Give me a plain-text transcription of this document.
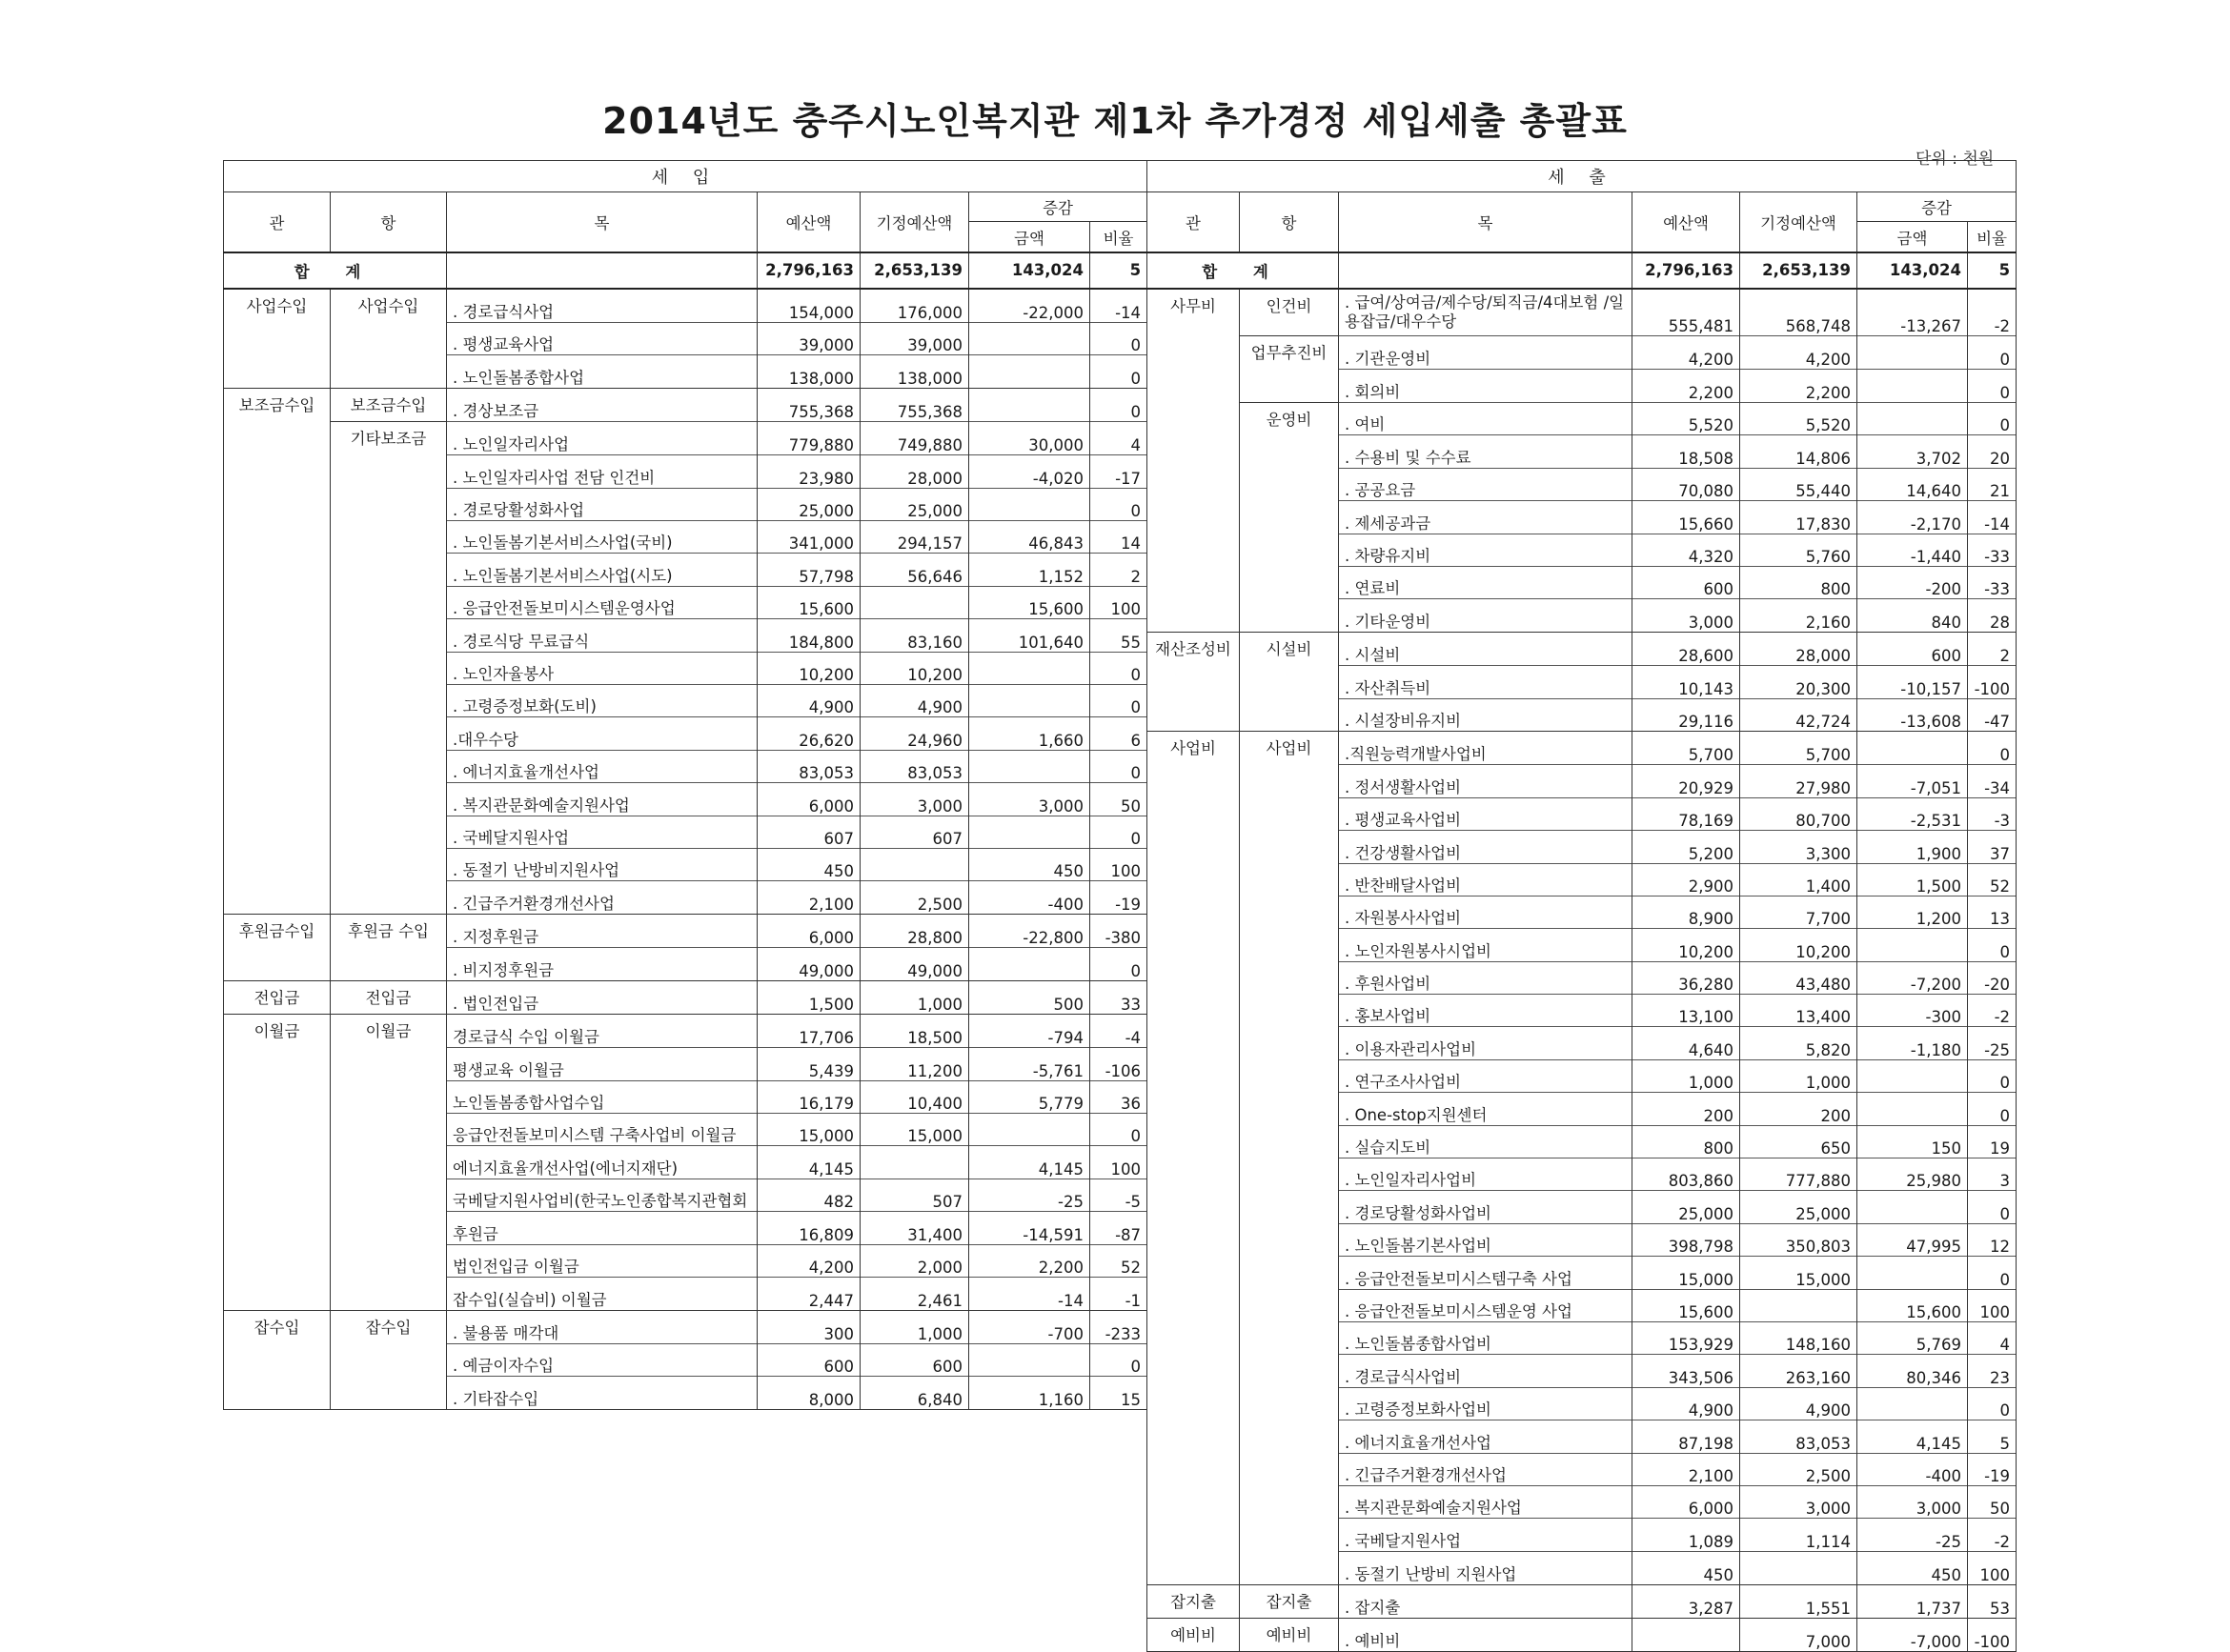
2014년도 충주시노인복지관 제1차 추가경정 세입세출 총괄표
단위 : 천원
세 입						
관	항	목	예산액	기정예산액	증감	
					금액	비율
합 계			2,796,163	2,653,139	143,024	5
사업수입	사업수입	. 경로급식사업	154,000	176,000	-22,000	-14
		. 평생교육사업	39,000	39,000		0
		. 노인돌봄종합사업	138,000	138,000		0
보조금수입	보조금수입	. 경상보조금	755,368	755,368		0
	기타보조금	. 노인일자리사업	779,880	749,880	30,000	4
		. 노인일자리사업 전담 인건비	23,980	28,000	-4,020	-17
		. 경로당활성화사업	25,000	25,000		0
		. 노인돌봄기본서비스사업(국비)	341,000	294,157	46,843	14
		. 노인돌봄기본서비스사업(시도)	57,798	56,646	1,152	2
		. 응급안전돌보미시스템운영사업	15,600		15,600	100
		. 경로식당 무료급식	184,800	83,160	101,640	55
		. 노인자율봉사	10,200	10,200		0
		. 고령증정보화(도비)	4,900	4,900		0
		.대우수당	26,620	24,960	1,660	6
		. 에너지효율개선사업	83,053	83,053		0
		. 복지관문화예술지원사업	6,000	3,000	3,000	50
		. 국베달지원사업	607	607		0
		. 동절기 난방비지원사업	450		450	100
		. 긴급주거환경개선사업	2,100	2,500	-400	-19
후원금수입	후원금 수입	. 지정후원금	6,000	28,800	-22,800	-380
		. 비지정후원금	49,000	49,000		0
전입금	전입금	. 법인전입금	1,500	1,000	500	33
이월금	이월금	경로급식 수입 이월금	17,706	18,500	-794	-4
		평생교육 이월금	5,439	11,200	-5,761	-106
		노인돌봄종합사업수입	16,179	10,400	5,779	36
		응급안전돌보미시스템 구축사업비 이월금	15,000	15,000		0
		에너지효율개선사업(에너지재단)	4,145		4,145	100
		국베달지원사업비(한국노인종합복지관협회	482	507	-25	-5
		후원금	16,809	31,400	-14,591	-87
		법인전입금 이월금	4,200	2,000	2,200	52
		잡수입(실습비) 이월금	2,447	2,461	-14	-1
잡수입	잡수입	. 불용품 매각대	300	1,000	-700	-233
		. 예금이자수입	600	600		0
		. 기타잡수입	8,000	6,840	1,160	15
세 출						
관	항	목	예산액	기정예산액	증감	
					금액	비율
합 계			2,796,163	2,653,139	143,024	5
사무비	인건비	. 급여/상여금/제수당/퇴직금/4대보험 /일용잡급/대우수당	555,481	568,748	-13,267	-2
	업무추진비	. 기관운영비	4,200	4,200		0
		. 회의비	2,200	2,200		0
	운영비	. 여비	5,520	5,520		0
		. 수용비 및 수수료	18,508	14,806	3,702	20
		. 공공요금	70,080	55,440	14,640	21
		. 제세공과금	15,660	17,830	-2,170	-14
		. 차량유지비	4,320	5,760	-1,440	-33
		. 연료비	600	800	-200	-33
		. 기타운영비	3,000	2,160	840	28
재산조성비	시설비	. 시설비	28,600	28,000	600	2
		. 자산취득비	10,143	20,300	-10,157	-100
		. 시설장비유지비	29,116	42,724	-13,608	-47
사업비	사업비	.직원능력개발사업비	5,700	5,700		0
		. 정서생활사업비	20,929	27,980	-7,051	-34
		. 평생교육사업비	78,169	80,700	-2,531	-3
		. 건강생활사업비	5,200	3,300	1,900	37
		. 반찬배달사업비	2,900	1,400	1,500	52
		. 자원봉사사업비	8,900	7,700	1,200	13
		. 노인자원봉사시업비	10,200	10,200		0
		. 후원사업비	36,280	43,480	-7,200	-20
		. 홍보사업비	13,100	13,400	-300	-2
		. 이용자관리사업비	4,640	5,820	-1,180	-25
		. 연구조사사업비	1,000	1,000		0
		. One-stop지원센터	200	200		0
		. 실습지도비	800	650	150	19
		. 노인일자리사업비	803,860	777,880	25,980	3
		. 경로당활성화사업비	25,000	25,000		0
		. 노인돌봄기본사업비	398,798	350,803	47,995	12
		. 응급안전돌보미시스템구축 사업	15,000	15,000		0
		. 응급안전돌보미시스템운영 사업	15,600		15,600	100
		. 노인돌봄종합사업비	153,929	148,160	5,769	4
		. 경로급식사업비	343,506	263,160	80,346	23
		. 고령증정보화사업비	4,900	4,900		0
		. 에너지효율개선사업	87,198	83,053	4,145	5
		. 긴급주거환경개선사업	2,100	2,500	-400	-19
		. 복지관문화예술지원사업	6,000	3,000	3,000	50
		. 국베달지원사업	1,089	1,114	-25	-2
		. 동절기 난방비 지원사업	450		450	100
잡지출	잡지출	. 잡지출	3,287	1,551	1,737	53
예비비	예비비	. 예비비		7,000	-7,000	-100
